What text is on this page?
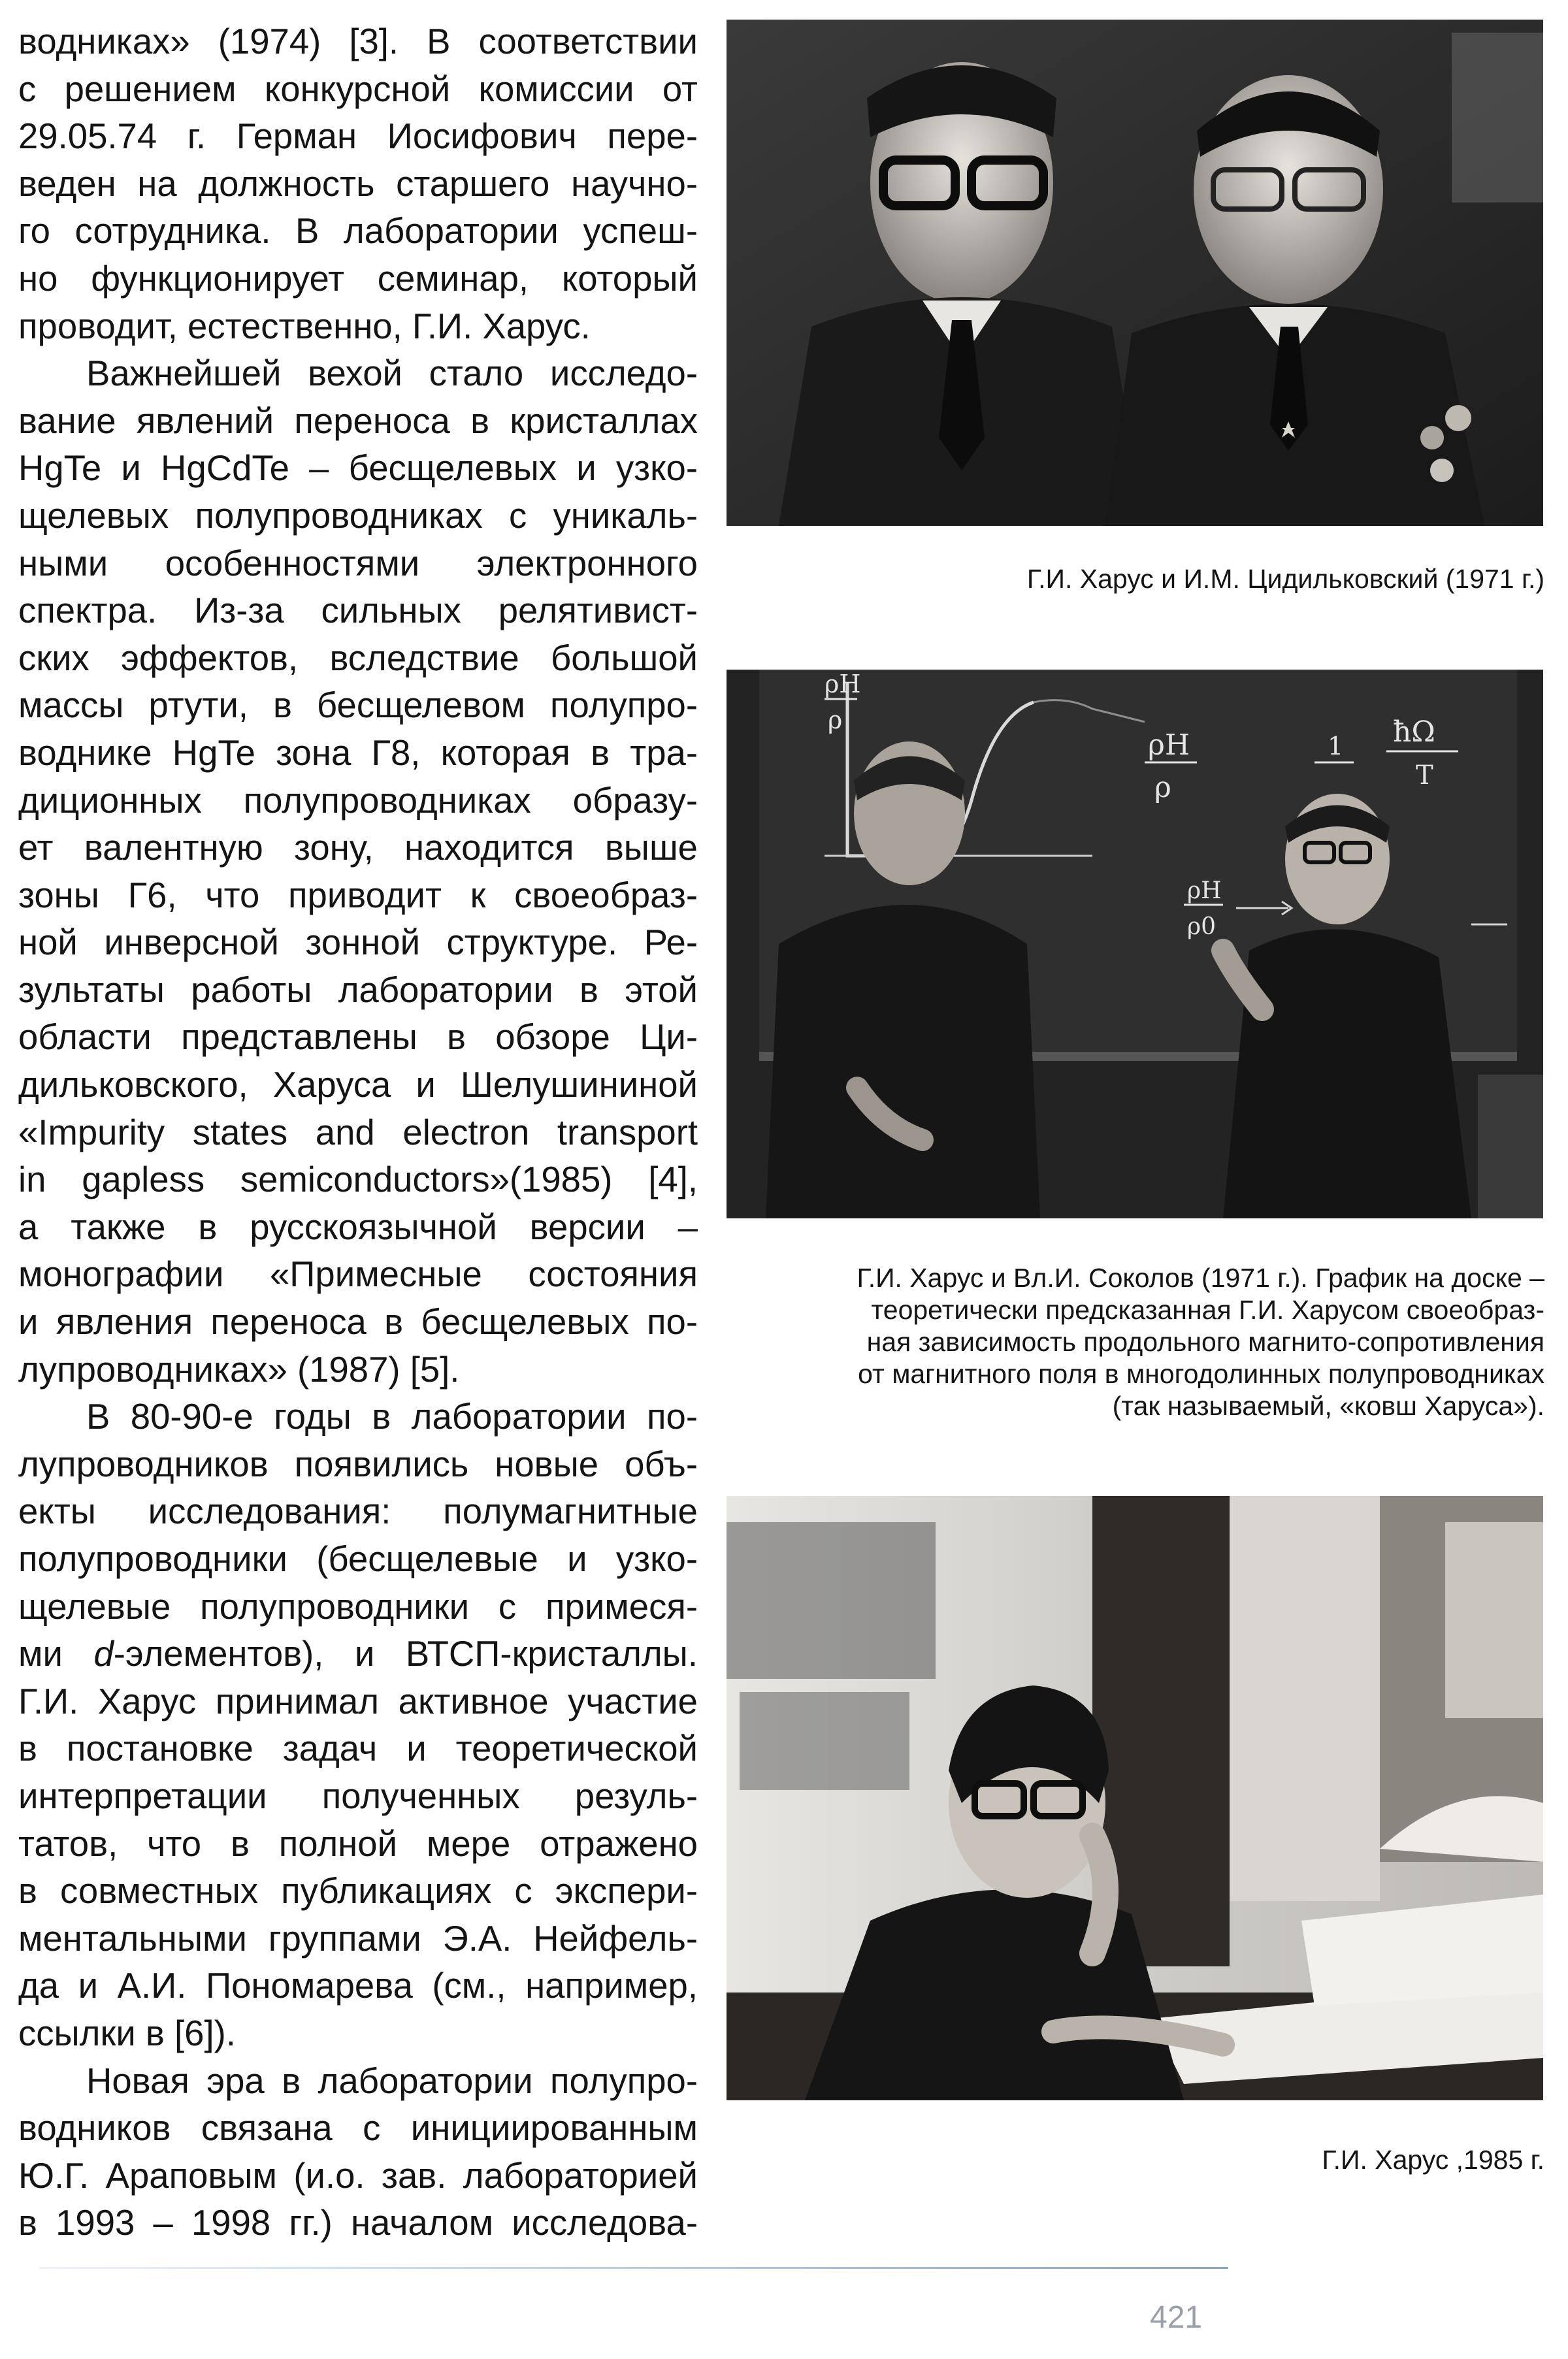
водниках» (1974) [3]. В соответствии
с решением конкурсной комиссии от
29.05.74 г. Герман Иосифович пере-
веден на должность старшего научно-
го сотрудника. В лаборатории успеш-
но функционирует семинар, который
проводит, естественно, Г.И. Харус.
Важнейшей вехой стало исследо-
вание явлений переноса в кристаллах
HgTe и HgCdTe – бесщелевых и узко-
щелевых полупроводниках с уникаль-
ными особенностями электронного
спектра. Из-за сильных релятивист-
ских эффектов, вследствие большой
массы ртути, в бесщелевом полупро-
воднике HgTe зона Г8, которая в тра-
диционных полупроводниках образу-
ет валентную зону, находится выше
зоны Г6, что приводит к своеобраз-
ной инверсной зонной структуре. Ре-
зультаты работы лаборатории в этой
области представлены в обзоре Ци-
дильковского, Харуса и Шелушининой
«Impurity states and electron transport
in gapless semiconductors»(1985) [4],
а также в русскоязычной версии –
монографии «Примесные состояния
и явления переноса в бесщелевых по-
лупроводниках» (1987) [5].
В 80-90-е годы в лаборатории по-
лупроводников появились новые объ-
екты исследования: полумагнитные
полупроводники (бесщелевые и узко-
щелевые полупроводники с примеся-
ми d-элементов), и ВТСП-кристаллы.
Г.И. Харус принимал активное участие
в постановке задач и теоретической
интерпретации полученных резуль-
татов, что в полной мере отражено
в совместных публикациях с экспери-
ментальными группами Э.А. Нейфель-
да и А.И. Пономарева (см., например,
ссылки в [6]).
Новая эра в лаборатории полупро-
водников связана с инициированным
Ю.Г. Араповым (и.о. зав. лабораторией
в 1993 – 1998 гг.) началом исследова-
Г.И. Харус и И.М. Цидильковский (1971 г.)
ρH
ρ
ρH
ρ
1 ħΩ
T
ρH
ρ0
Г.И. Харус и Вл.И. Соколов (1971 г.). График на доске –
теоретически предсказанная Г.И. Харусом своеобраз-
ная зависимость продольного магнито-сопротивления
от магнитного поля в многодолинных полупроводниках
(так называемый, «ковш Харуса»).
Г.И. Харус ,1985 г.
421
